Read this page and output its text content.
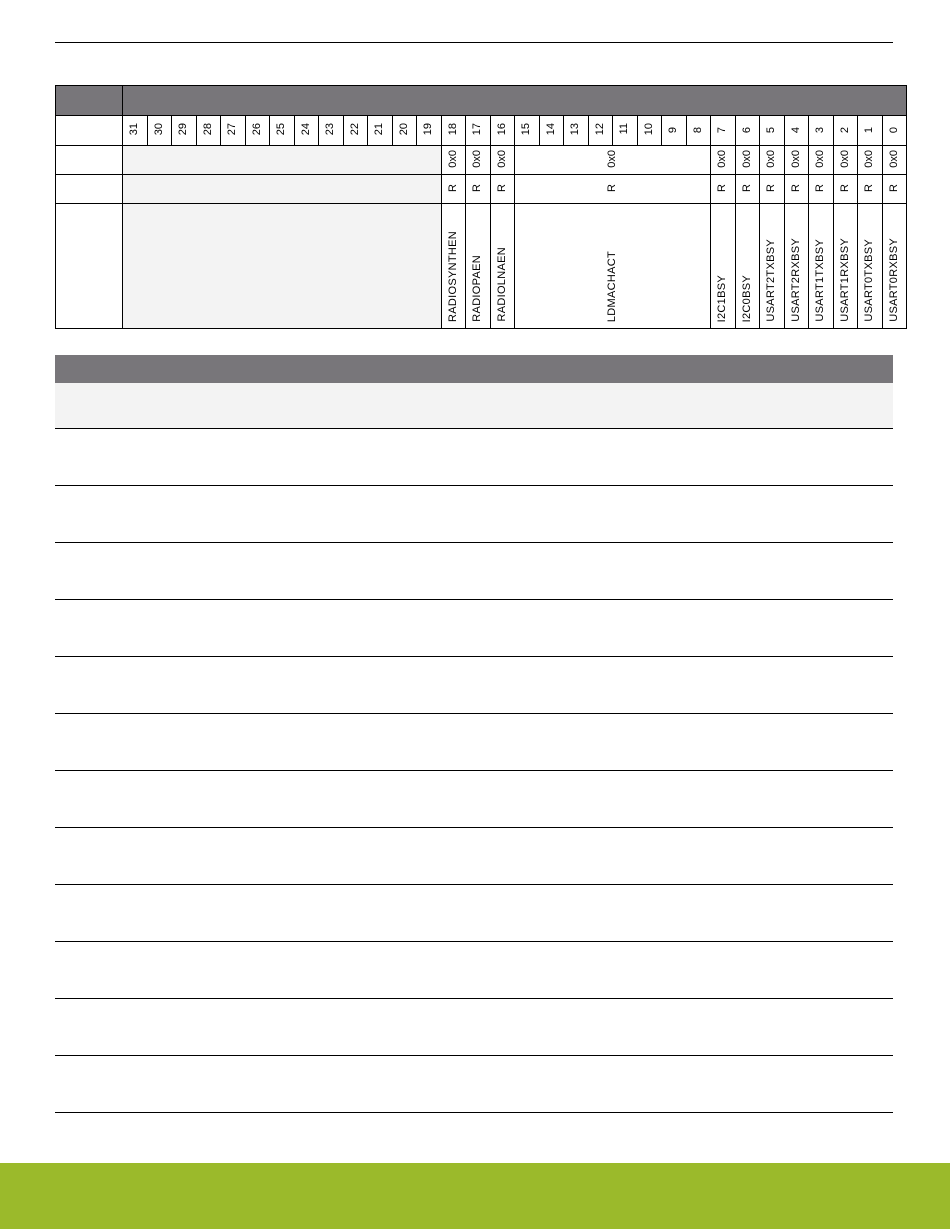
	31	30	29	28	27	26	25	24	23	22	21	20	19	18	17	16	15	14	13	12	11	10	9	8	7	6	5	4	3	2	1	0
														0x0	0x0	0x0	0x0								0x0	0x0	0x0	0x0	0x0	0x0	0x0	0x0
														R	R	R	R								R	R	R	R	R	R	R	R
														RADIOSYNTHEN	RADIOPAEN	RADIOLNAEN	LDMACHACT								I2C1BSY	I2C0BSY	USART2TXBSY	USART2RXBSY	USART1TXBSY	USART1RXBSY	USART0TXBSY	USART0RXBSY
